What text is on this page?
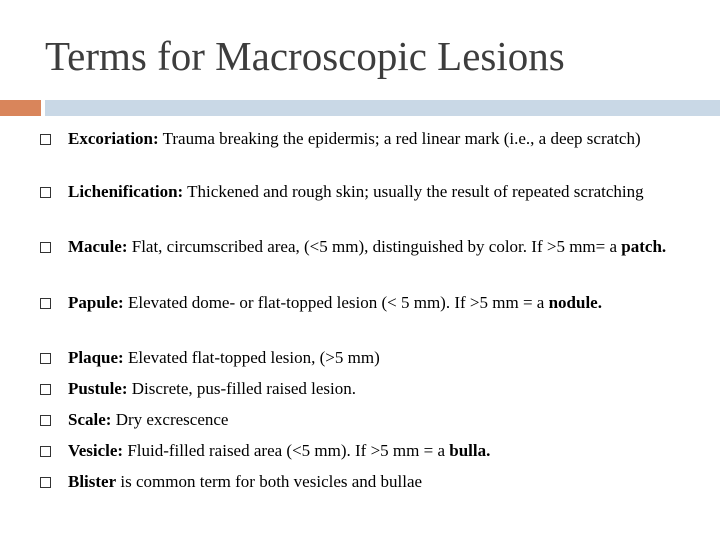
Terms for Macroscopic Lesions
Excoriation: Trauma breaking the epidermis; a red linear mark (i.e., a deep scratch)
Lichenification: Thickened and rough skin; usually the result of repeated scratching
Macule: Flat, circumscribed area, (<5 mm), distinguished by color. If >5 mm= a patch.
Papule: Elevated dome- or flat-topped lesion (< 5 mm). If >5 mm = a nodule.
Plaque: Elevated flat-topped lesion, (>5 mm)
Pustule: Discrete, pus-filled raised lesion.
Scale: Dry excrescence
Vesicle: Fluid-filled raised area (<5 mm). If >5 mm = a bulla.
Blister is common term for both vesicles and bullae
